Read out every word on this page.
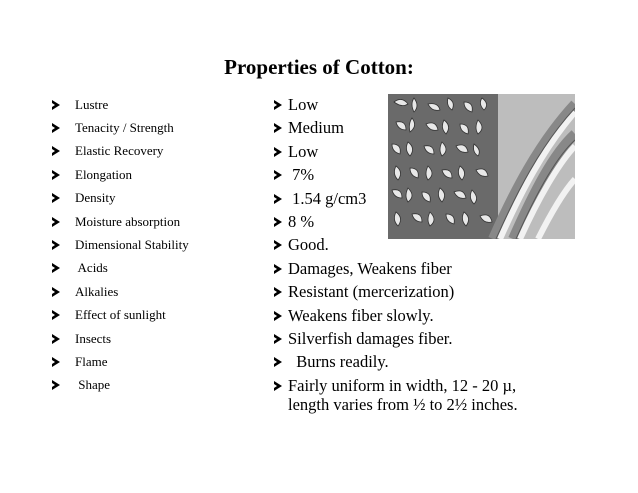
Properties of Cotton:
Lustre
Tenacity / Strength
Elastic Recovery
Elongation
Density
Moisture absorption
Dimensional Stability
Acids
Alkalies
Effect of sunlight
Insects
Flame
Shape
Low
Medium
Low
7%
1.54 g/cm3
8 %
Good.
Damages, Weakens fiber
Resistant (mercerization)
Weakens fiber slowly.
Silverfish damages fiber.
Burns readily.
Fairly uniform in width, 12 - 20 µ,
length varies from ½ to 2½ inches.
